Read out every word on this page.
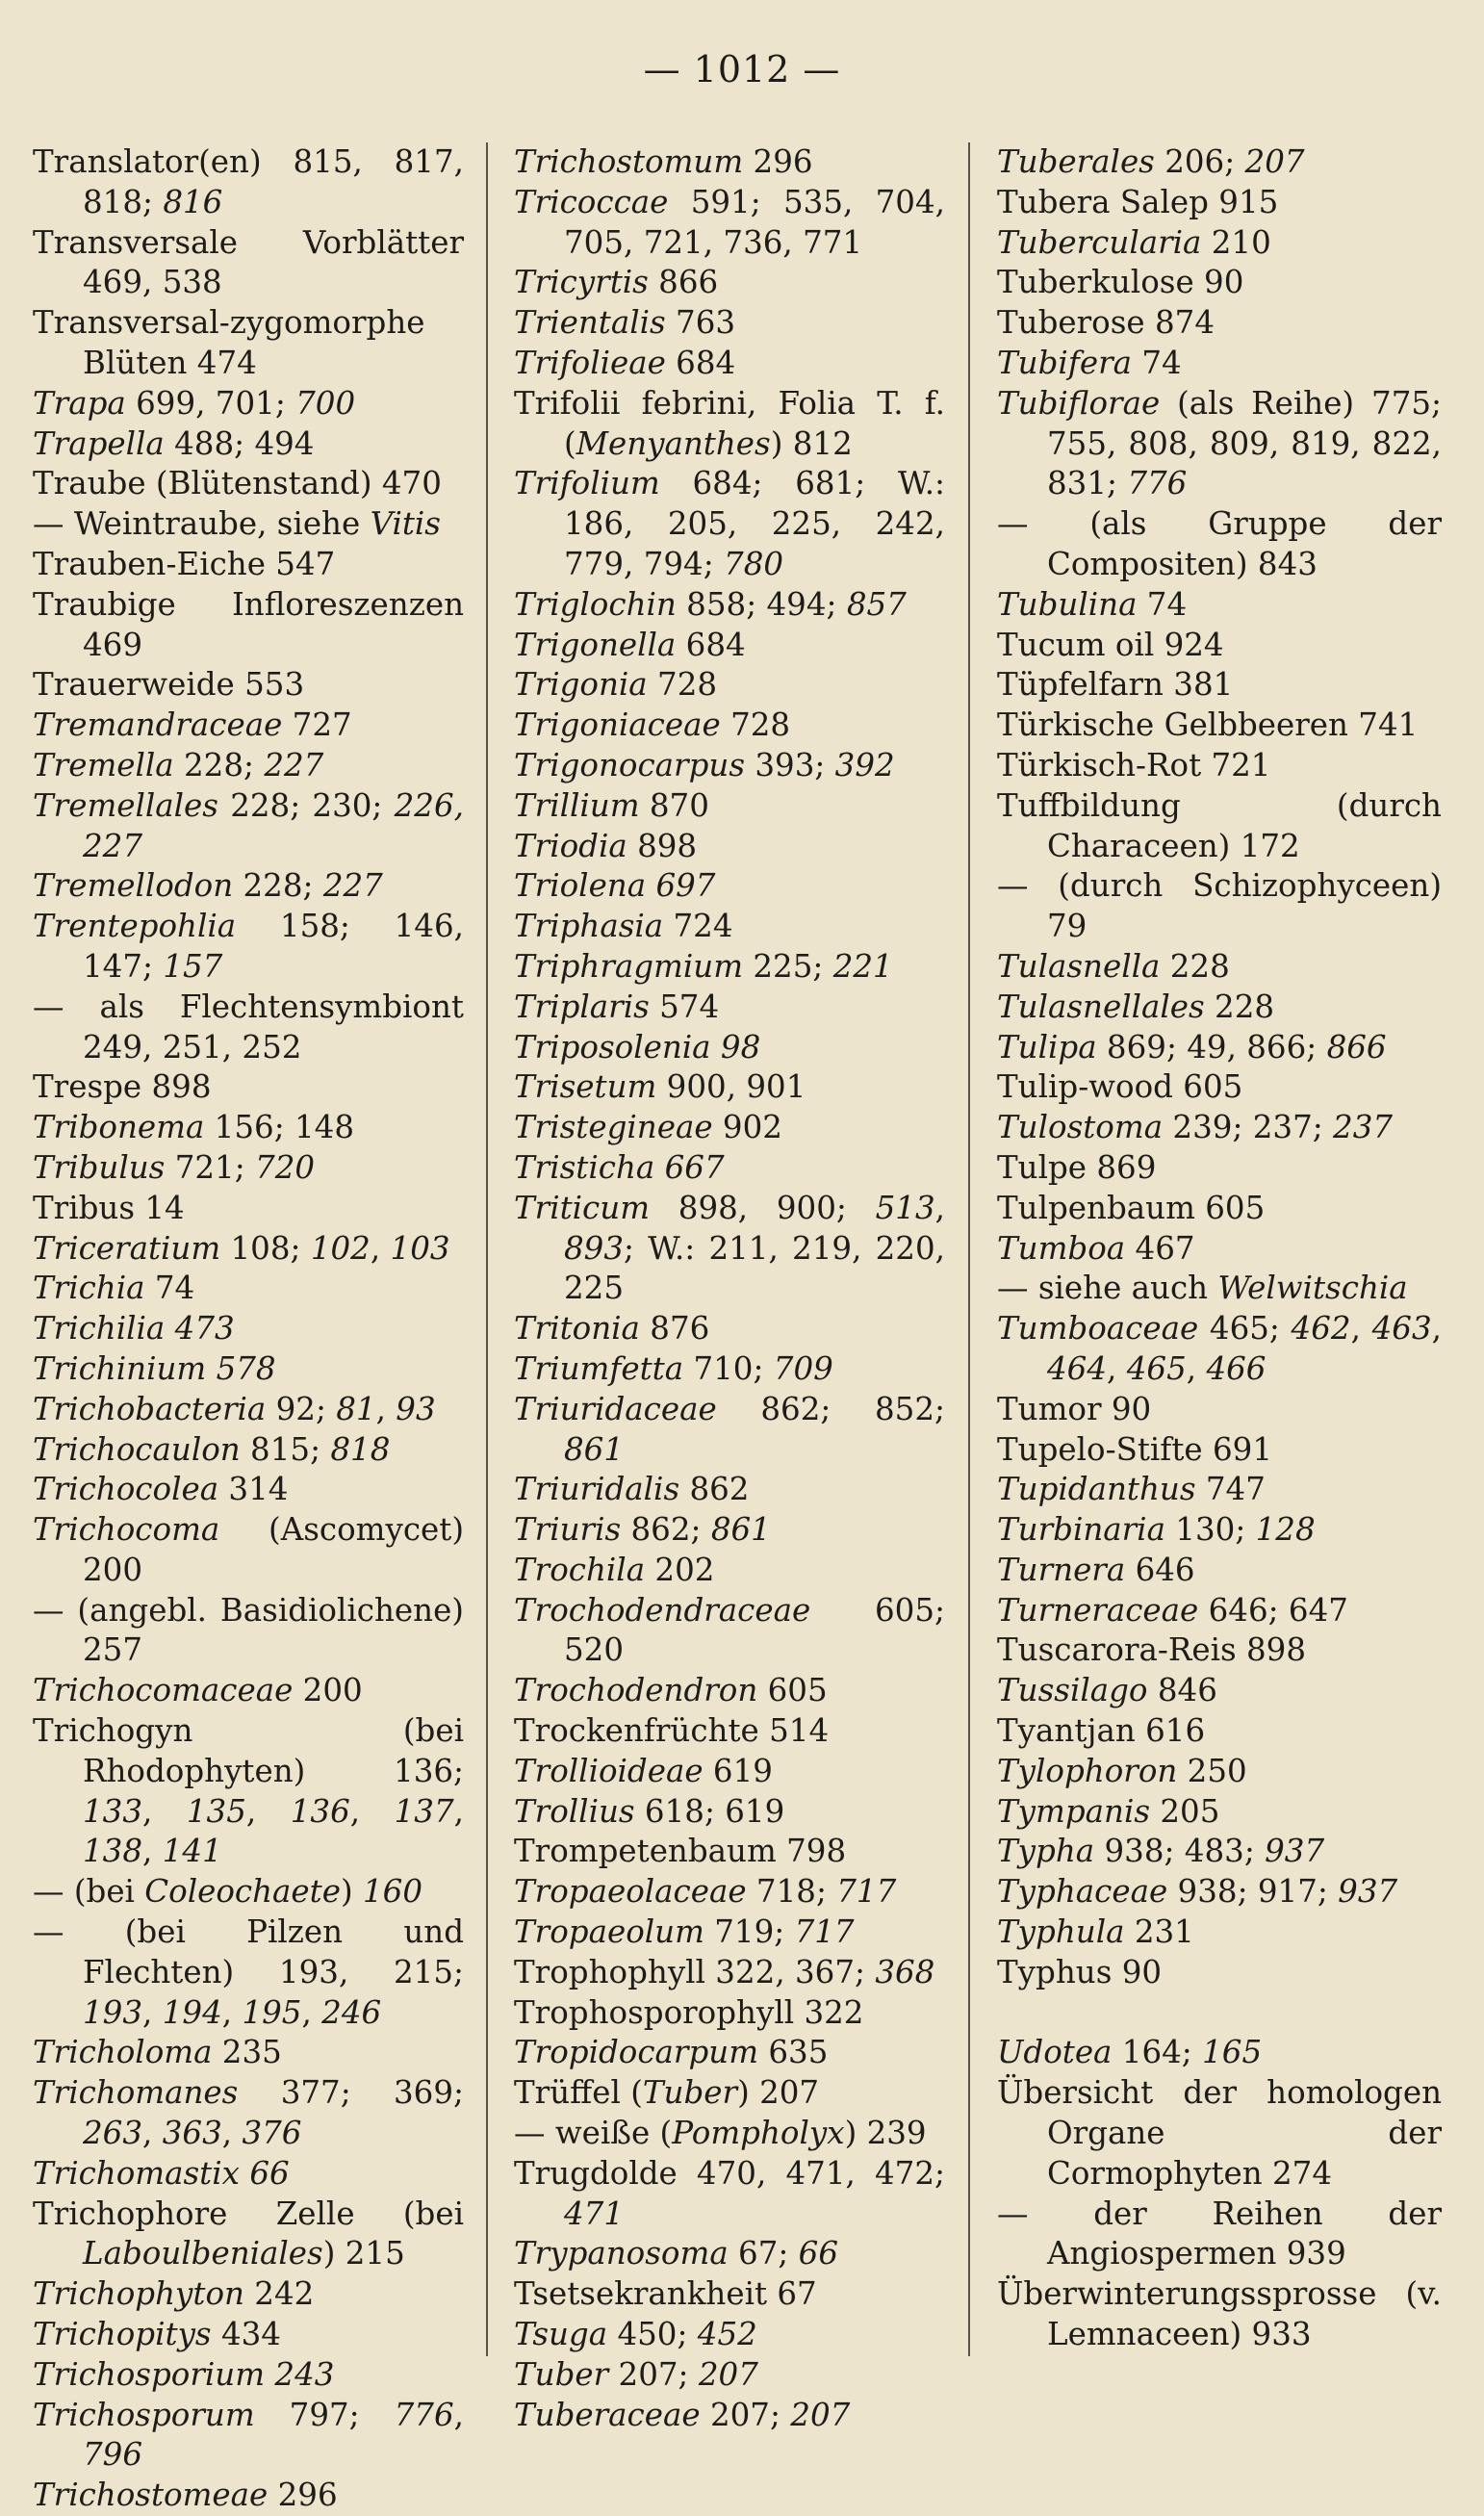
— 1012 —
Translator(en) 815, 817, 818; 816
Transversale Vorblätter 469, 538
Transversal-zygomorphe Blüten 474
Trapa 699, 701; 700
Trapella 488; 494
Traube (Blütenstand) 470
— Weintraube, siehe Vitis
Trauben-Eiche 547
Traubige Infloreszenzen 469
Trauerweide 553
Tremandraceae 727
Tremella 228; 227
Tremellales 228; 230; 226, 227
Tremellodon 228; 227
Trentepohlia 158; 146, 147; 157
— als Flechtensymbiont 249, 251, 252
Trespe 898
Tribonema 156; 148
Tribulus 721; 720
Tribus 14
Triceratium 108; 102, 103
Trichia 74
Trichilia 473
Trichinium 578
Trichobacteria 92; 81, 93
Trichocaulon 815; 818
Trichocolea 314
Trichocoma (Ascomycet) 200
— (angebl. Basidiolichene) 257
Trichocomaceae 200
Trichogyn (bei Rhodophyten) 136; 133, 135, 136, 137, 138, 141
— (bei Coleochaete) 160
— (bei Pilzen und Flechten) 193, 215; 193, 194, 195, 246
Tricholoma 235
Trichomanes 377; 369; 263, 363, 376
Trichomastix 66
Trichophore Zelle (bei Laboulbeniales) 215
Trichophyton 242
Trichopitys 434
Trichosporium 243
Trichosporum 797; 776, 796
Trichostomeae 296
Trichostomum 296
Tricoccae 591; 535, 704, 705, 721, 736, 771
Tricyrtis 866
Trientalis 763
Trifolieae 684
Trifolii febrini, Folia T. f. (Menyanthes) 812
Trifolium 684; 681; W.: 186, 205, 225, 242, 779, 794; 780
Triglochin 858; 494; 857
Trigonella 684
Trigonia 728
Trigoniaceae 728
Trigonocarpus 393; 392
Trillium 870
Triodia 898
Triolena 697
Triphasia 724
Triphragmium 225; 221
Triplaris 574
Triposolenia 98
Trisetum 900, 901
Tristegineae 902
Tristicha 667
Triticum 898, 900; 513, 893; W.: 211, 219, 220, 225
Tritonia 876
Triumfetta 710; 709
Triuridaceae 862; 852; 861
Triuridalis 862
Triuris 862; 861
Trochila 202
Trochodendraceae 605; 520
Trochodendron 605
Trockenfrüchte 514
Trollioideae 619
Trollius 618; 619
Trompetenbaum 798
Tropaeolaceae 718; 717
Tropaeolum 719; 717
Trophophyll 322, 367; 368
Trophosporophyll 322
Tropidocarpum 635
Trüffel (Tuber) 207
— weiße (Pompholyx) 239
Trugdolde 470, 471, 472; 471
Trypanosoma 67; 66
Tsetsekrankheit 67
Tsuga 450; 452
Tuber 207; 207
Tuberaceae 207; 207
Tuberales 206; 207
Tubera Salep 915
Tubercularia 210
Tuberkulose 90
Tuberose 874
Tubifera 74
Tubiflorae (als Reihe) 775; 755, 808, 809, 819, 822, 831; 776
— (als Gruppe der Compositen) 843
Tubulina 74
Tucum oil 924
Tüpfelfarn 381
Türkische Gelbbeeren 741
Türkisch-Rot 721
Tuffbildung (durch Characeen) 172
— (durch Schizophyceen) 79
Tulasnella 228
Tulasnellales 228
Tulipa 869; 49, 866; 866
Tulip-wood 605
Tulostoma 239; 237; 237
Tulpe 869
Tulpenbaum 605
Tumboa 467
— siehe auch Welwitschia
Tumboaceae 465; 462, 463, 464, 465, 466
Tumor 90
Tupelo-Stifte 691
Tupidanthus 747
Turbinaria 130; 128
Turnera 646
Turneraceae 646; 647
Tuscarora-Reis 898
Tussilago 846
Tyantjan 616
Tylophoron 250
Tympanis 205
Typha 938; 483; 937
Typhaceae 938; 917; 937
Typhula 231
Typhus 90
Udotea 164; 165
Übersicht der homologen Organe der Cormophyten 274
— der Reihen der Angiospermen 939
Überwinterungssprosse (v. Lemnaceen) 933
